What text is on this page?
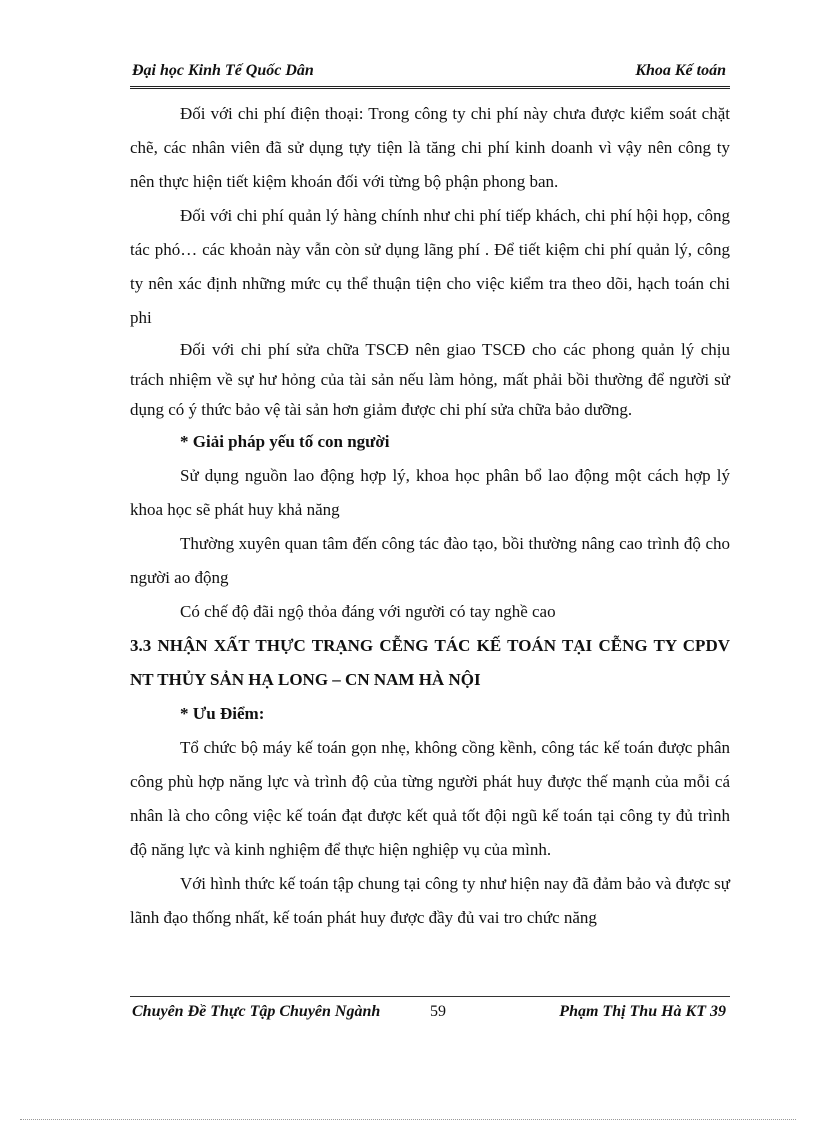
Đại học Kinh Tế Quốc Dân	Khoa Kế toán

Đối với chi phí điện thoại: Trong công ty chi phí này chưa được kiểm soát chặt chẽ, các nhân viên đã sử dụng tựy tiện là tăng chi phí kinh doanh vì vậy nên công ty nên thực hiện tiết kiệm khoán đối với từng bộ phận phong ban.

Đối với chi phí quản lý hàng chính như chi phí tiếp khách, chi phí hội họp, công tác phó… các khoản này vẫn còn sử dụng lãng phí . Để tiết kiệm chi phí quản lý, công ty nên xác định những mức cụ thể thuận tiện cho việc kiểm tra theo dõi, hạch toán chi phi

Đối với chi phí sửa chữa TSCĐ nên giao TSCĐ cho các phong quản lý chịu trách nhiệm về sự hư hỏng của tài sản nếu làm hỏng, mất phải bồi thường để người sử dụng có ý thức bảo vệ tài sản hơn giảm được chi phí sửa chữa bảo dưỡng.

* Giải pháp yếu tố con người

Sử dụng nguồn lao động hợp lý, khoa học phân bổ lao động một cách hợp lý khoa học sẽ phát huy khả năng

Thường xuyên quan tâm đến công tác đào tạo, bồi thường nâng cao trình độ cho người ao động

Có chế độ đãi ngộ thỏa đáng với người có tay nghề cao

3.3 NHẬN XẤT THỰC TRẠNG CỄNG TÁC KẾ TOÁN TẠI CỄNG TY CPDV NT THỦY SẢN HẠ LONG – CN NAM HÀ NỘI
* Ưu Điểm:

Tổ chức bộ máy kế toán gọn nhẹ, không cồng kềnh, công tác kế toán được phân công phù hợp năng lực và trình độ của từng người phát huy được thế mạnh của mỗi cá nhân là cho công việc kế toán đạt được kết quả tốt đội ngũ kế toán tại công ty đủ trình độ năng lực và kinh nghiệm để thực hiện nghiệp vụ của mình.

Với hình thức kế toán tập chung tại công ty như hiện nay đã đảm bảo và được sự lãnh đạo thống nhất, kế toán phát huy được đầy đủ vai tro chức năng

Chuyên Đề Thực Tập Chuyên Ngành	59	Phạm Thị Thu Hà KT 39
